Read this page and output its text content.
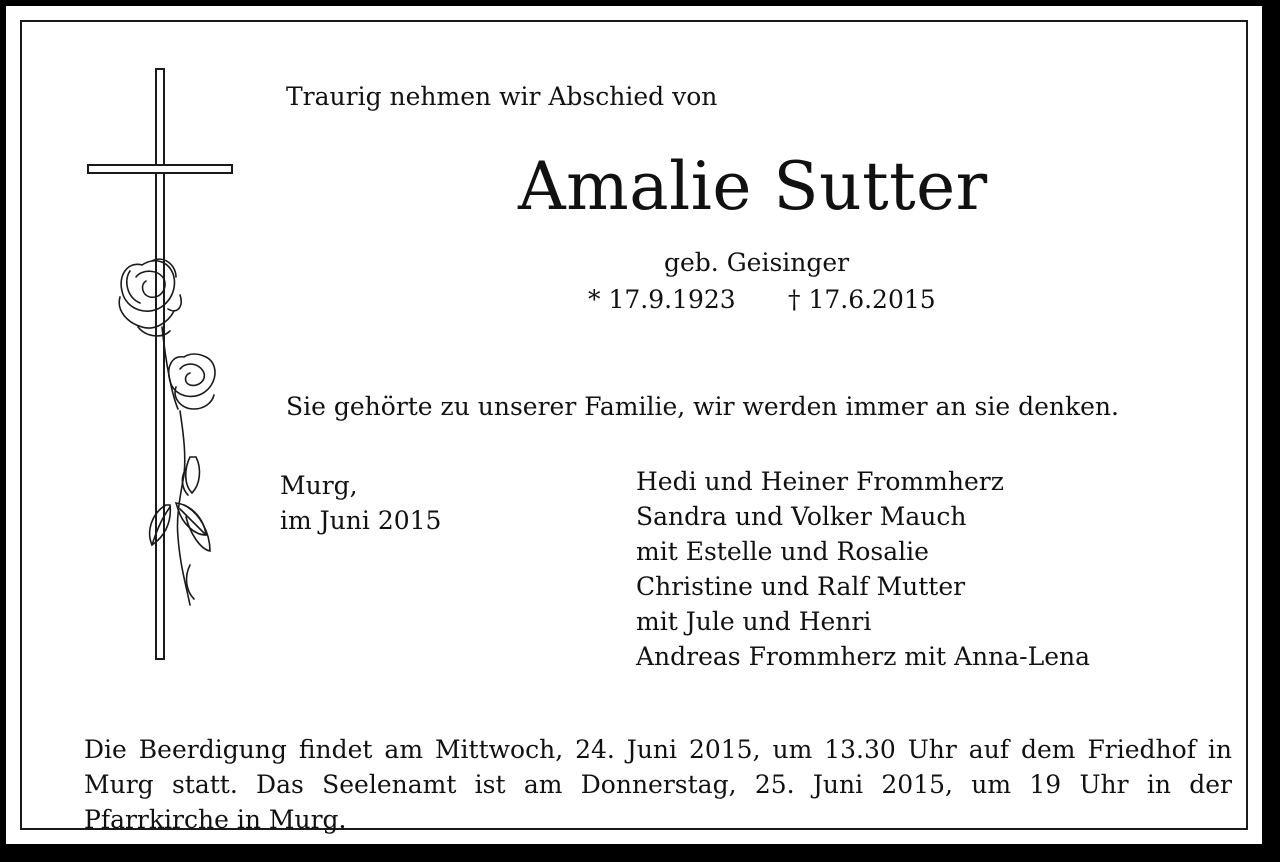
Traurig nehmen wir Abschied von
Amalie Sutter
geb. Geisinger
* 17.9.1923 † 17.6.2015
Sie gehörte zu unserer Familie, wir werden immer an sie denken.
Murg,
im Juni 2015
Hedi und Heiner Frommherz
Sandra und Volker Mauch
mit Estelle und Rosalie
Christine und Ralf Mutter
mit Jule und Henri
Andreas Frommherz mit Anna-Lena
Die Beerdigung findet am Mittwoch, 24. Juni 2015, um 13.30 Uhr auf dem Friedhof in Murg statt. Das Seelenamt ist am Donnerstag, 25. Juni 2015, um 19 Uhr in der Pfarrkirche in Murg.
